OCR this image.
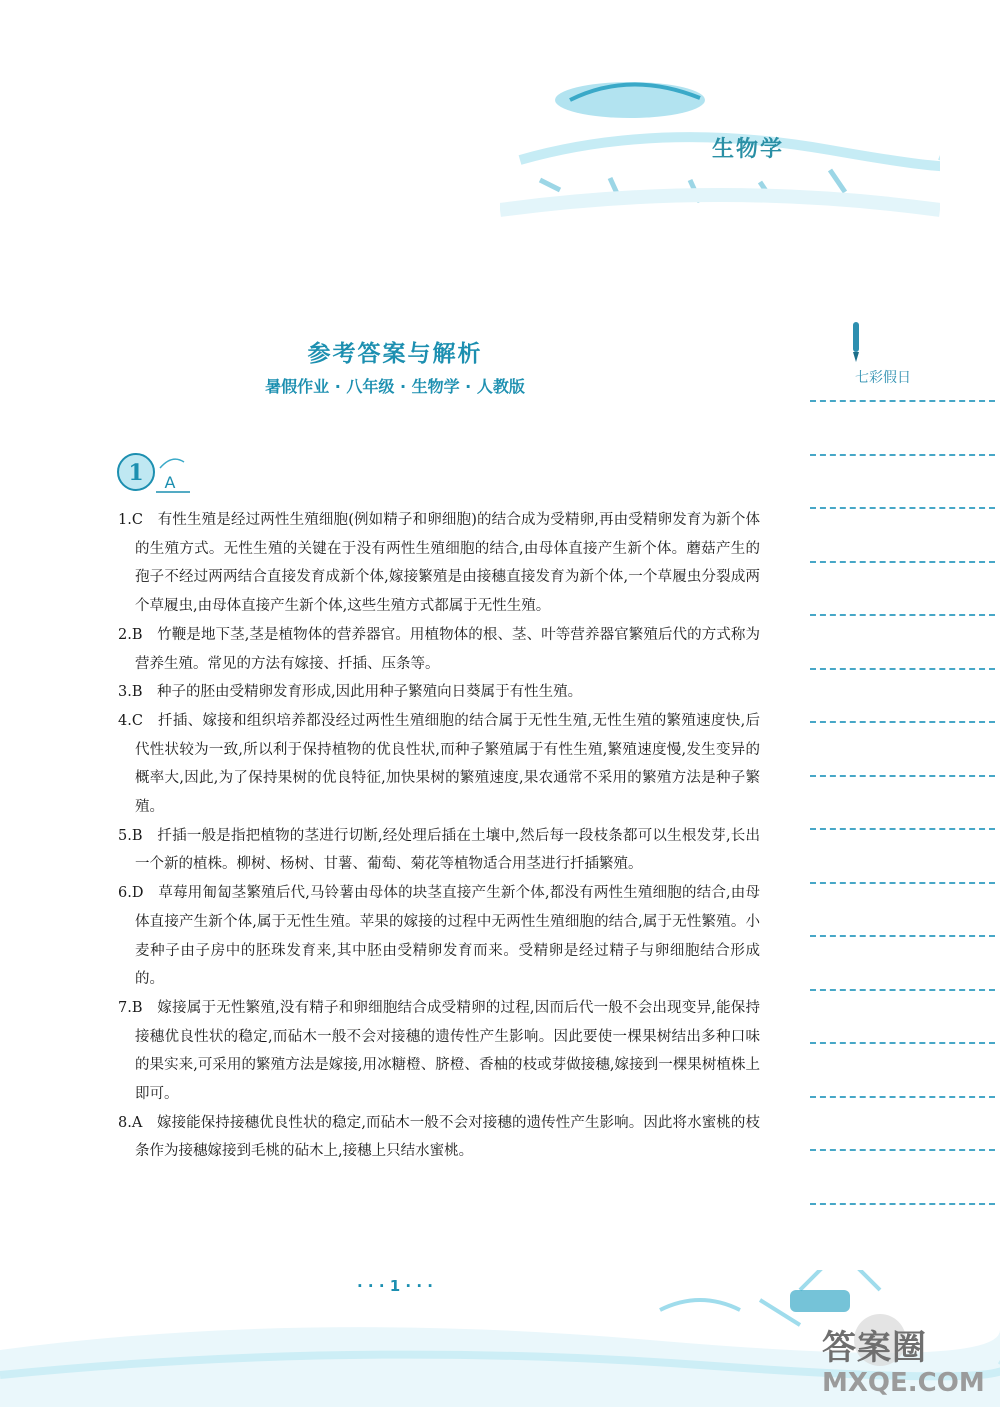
生物学
参考答案与解析
暑假作业 · 八年级 · 生物学 · 人教版	七彩假日
1 A

1.C　有性生殖是经过两性生殖细胞(例如精子和卵细胞)的结合成为受精卵,再由受精卵发育为新个体的生殖方式。无性生殖的关键在于没有两性生殖细胞的结合,由母体直接产生新个体。蘑菇产生的孢子不经过两两结合直接发育成新个体,嫁接繁殖是由接穗直接发育为新个体,一个草履虫分裂成两个草履虫,由母体直接产生新个体,这些生殖方式都属于无性生殖。

2.B　竹鞭是地下茎,茎是植物体的营养器官。用植物体的根、茎、叶等营养器官繁殖后代的方式称为营养生殖。常见的方法有嫁接、扦插、压条等。

3.B　种子的胚由受精卵发育形成,因此用种子繁殖向日葵属于有性生殖。

4.C　扦插、嫁接和组织培养都没经过两性生殖细胞的结合属于无性生殖,无性生殖的繁殖速度快,后代性状较为一致,所以利于保持植物的优良性状,而种子繁殖属于有性生殖,繁殖速度慢,发生变异的概率大,因此,为了保持果树的优良特征,加快果树的繁殖速度,果农通常不采用的繁殖方法是种子繁殖。

5.B　扦插一般是指把植物的茎进行切断,经处理后插在土壤中,然后每一段枝条都可以生根发芽,长出一个新的植株。柳树、杨树、甘薯、葡萄、菊花等植物适合用茎进行扦插繁殖。

6.D　草莓用匍匐茎繁殖后代,马铃薯由母体的块茎直接产生新个体,都没有两性生殖细胞的结合,由母体直接产生新个体,属于无性生殖。苹果的嫁接的过程中无两性生殖细胞的结合,属于无性繁殖。小麦种子由子房中的胚珠发育来,其中胚由受精卵发育而来。受精卵是经过精子与卵细胞结合形成的。

7.B　嫁接属于无性繁殖,没有精子和卵细胞结合成受精卵的过程,因而后代一般不会出现变异,能保持接穗优良性状的稳定,而砧木一般不会对接穗的遗传性产生影响。因此要使一棵果树结出多种口味的果实来,可采用的繁殖方法是嫁接,用冰糖橙、脐橙、香柚的枝或芽做接穗,嫁接到一棵果树植株上即可。

8.A　嫁接能保持接穗优良性状的稳定,而砧木一般不会对接穗的遗传性产生影响。因此将水蜜桃的枝条作为接穗嫁接到毛桃的砧木上,接穗上只结水蜜桃。

· · · 1 · · ·
答案圈
MXQE.COM
